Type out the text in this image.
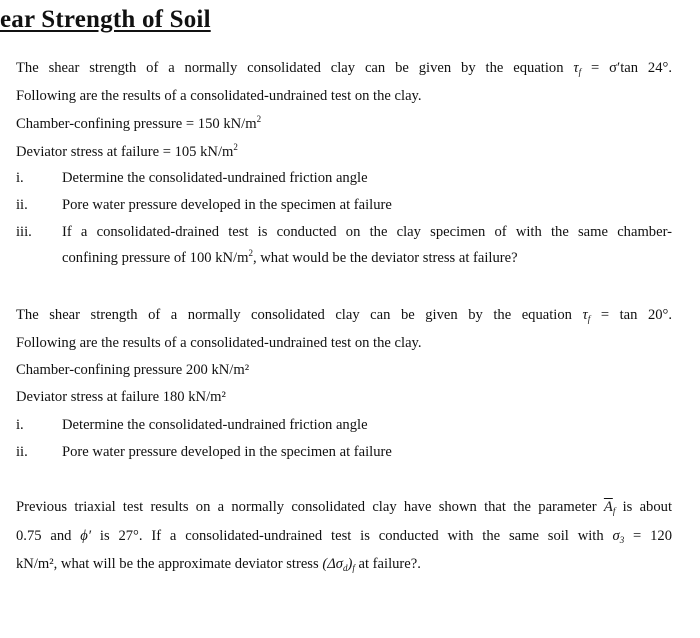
ear Strength of Soil
The shear strength of a normally consolidated clay can be given by the equation $\tau_f = \sigma'\tan$ 24°.
Following are the results of a consolidated-undrained test on the clay.
Chamber-confining pressure = 150 $kN/m^2$
Deviator stress at failure = 105 $kN/m^2$
i.	Determine the consolidated-undrained friction angle
ii. Pore water pressure developed in the specimen at failure
iii. If a consolidated-drained test is conducted on the clay specimen of with the same chamber-
confining pressure of 100 $kN/m^2$, what would be the deviator stress at failure?
The shear strength of a normally consolidated clay can be given by the equation $\tau_f = \tan 20^\circ$.
Following are the results of a consolidated-undrained test on the clay.
Chamber-confining pressure 200 kN/m²
Deviator stress at failure 180 kN/m²
i.	Determine the consolidated-undrained friction angle
ii. Pore water pressure developed in the specimen at failure
Previous triaxial test results on a normally consolidated clay have shown that the parameter $\overline{A}_f$ is about
0.75 and ϕ′ is 27°. If a consolidated-undrained test is conducted with the same soil with $\sigma_3 = 120$
kN/m², what will be the approximate deviator stress $(\Delta\sigma_d)_f$ at failure?.
